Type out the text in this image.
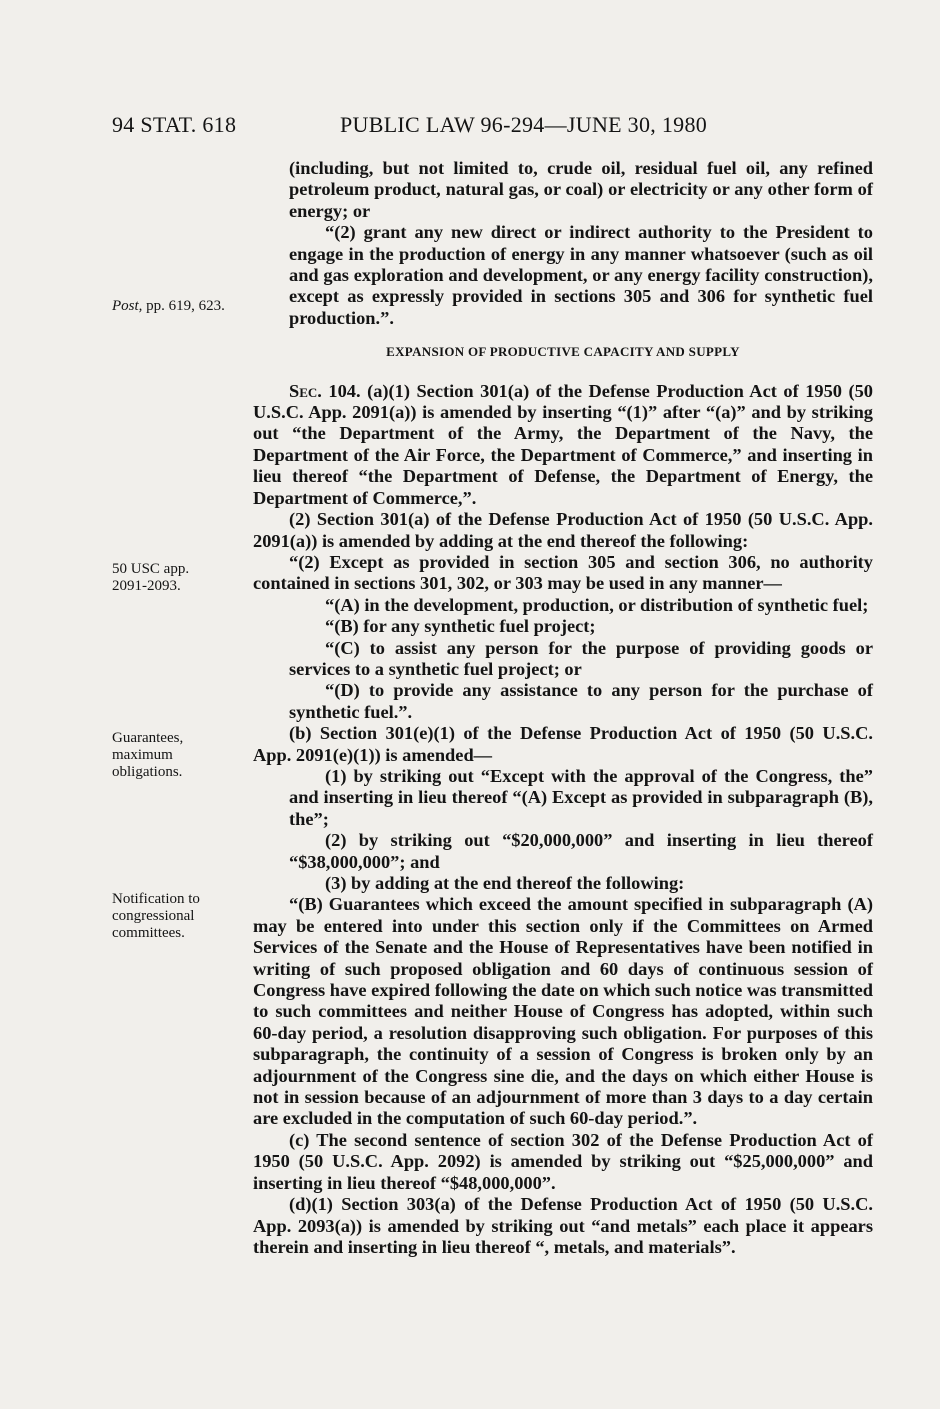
94 STAT. 618	PUBLIC LAW 96-294—JUNE 30, 1980
Post, pp. 619, 623.
50 USC app.
2091-2093.
Guarantees,
maximum
obligations.
Notification to
congressional
committees.

(including, but not limited to, crude oil, residual fuel oil, any refined petroleum product, natural gas, or coal) or electricity or any other form of energy; or

“(2) grant any new direct or indirect authority to the President to engage in the production of energy in any manner whatsoever (such as oil and gas exploration and development, or any energy facility construction), except as expressly provided in sections 305 and 306 for synthetic fuel production.”.

EXPANSION OF PRODUCTIVE CAPACITY AND SUPPLY

Sec. 104. (a)(1) Section 301(a) of the Defense Production Act of 1950 (50 U.S.C. App. 2091(a)) is amended by inserting “(1)” after “(a)” and by striking out “the Department of the Army, the Department of the Navy, the Department of the Air Force, the Department of Commerce,” and inserting in lieu thereof “the Department of Defense, the Department of Energy, the Department of Commerce,”.

(2) Section 301(a) of the Defense Production Act of 1950 (50 U.S.C. App. 2091(a)) is amended by adding at the end thereof the following:

“(2) Except as provided in section 305 and section 306, no authority contained in sections 301, 302, or 303 may be used in any manner—

“(A) in the development, production, or distribution of synthetic fuel;

“(B) for any synthetic fuel project;

“(C) to assist any person for the purpose of providing goods or services to a synthetic fuel project; or

“(D) to provide any assistance to any person for the purchase of synthetic fuel.”.

(b) Section 301(e)(1) of the Defense Production Act of 1950 (50 U.S.C. App. 2091(e)(1)) is amended—

(1) by striking out “Except with the approval of the Congress, the” and inserting in lieu thereof “(A) Except as provided in subparagraph (B), the”;

(2) by striking out “$20,000,000” and inserting in lieu thereof “$38,000,000”; and

(3) by adding at the end thereof the following:

“(B) Guarantees which exceed the amount specified in subparagraph (A) may be entered into under this section only if the Committees on Armed Services of the Senate and the House of Representatives have been notified in writing of such proposed obligation and 60 days of continuous session of Congress have expired following the date on which such notice was transmitted to such committees and neither House of Congress has adopted, within such 60-day period, a resolution disapproving such obligation. For purposes of this subparagraph, the continuity of a session of Congress is broken only by an adjournment of the Congress sine die, and the days on which either House is not in session because of an adjournment of more than 3 days to a day certain are excluded in the computation of such 60-day period.”.

(c) The second sentence of section 302 of the Defense Production Act of 1950 (50 U.S.C. App. 2092) is amended by striking out “$25,000,000” and inserting in lieu thereof “$48,000,000”.

(d)(1) Section 303(a) of the Defense Production Act of 1950 (50 U.S.C. App. 2093(a)) is amended by striking out “and metals” each place it appears therein and inserting in lieu thereof “, metals, and materials”.
